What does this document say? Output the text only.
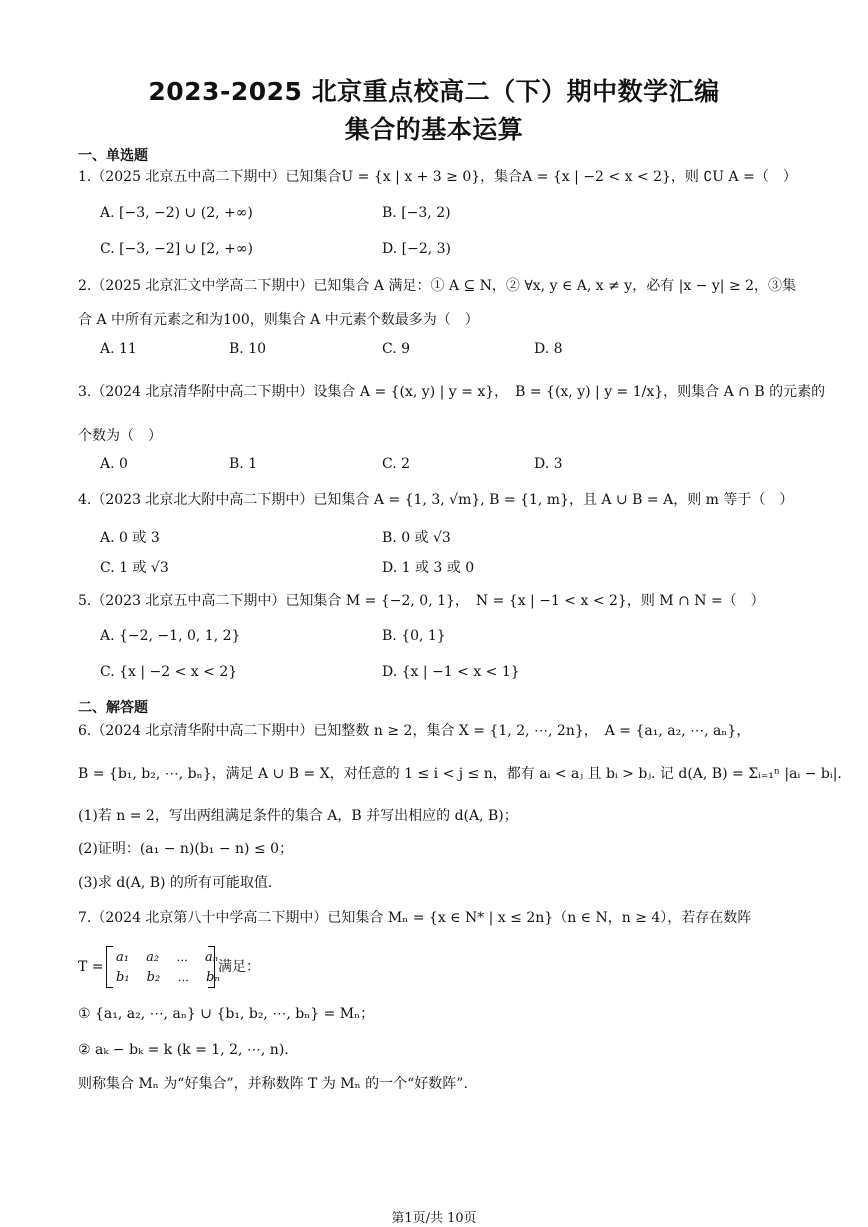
2023-2025 北京重点校高二（下）期中数学汇编
集合的基本运算
一、单选题
1.（2025 北京五中高二下期中）已知集合U = {x | x + 3 ≥ 0}，集合A = {x | −2 < x < 2}，则 ∁U A =（　）
A. [−3, −2) ∪ (2, +∞)	B. [−3, 2)
C. [−3, −2] ∪ [2, +∞)	D. [−2, 3)
2.（2025 北京汇文中学高二下期中）已知集合 A 满足：① A ⊆ N，② ∀x, y ∈ A, x ≠ y，必有 |x − y| ≥ 2，③集
合 A 中所有元素之和为100，则集合 A 中元素个数最多为（　）
A. 11	B. 10	C. 9	D. 8
3.（2024 北京清华附中高二下期中）设集合 A = {(x, y) | y = x}，　B = {(x, y) | y = 1/x}，则集合 A ∩ B 的元素的
个数为（　）
A. 0	B. 1	C. 2	D. 3
4.（2023 北京北大附中高二下期中）已知集合 A = {1, 3, √m}, B = {1, m}，且 A ∪ B = A，则 m 等于（　）
A. 0 或 3	B. 0 或 √3
C. 1 或 √3	D. 1 或 3 或 0
5.（2023 北京五中高二下期中）已知集合 M = {−2, 0, 1}，　N = {x | −1 < x < 2}，则 M ∩ N =（　）
A. {−2, −1, 0, 1, 2}	B. {0, 1}
C. {x | −2 < x < 2}	D. {x | −1 < x < 1}
二、解答题
6.（2024 北京清华附中高二下期中）已知整数 n ≥ 2，集合 X = {1, 2, ⋯, 2n}，　A = {a₁, a₂, ⋯, aₙ}，
B = {b₁, b₂, ⋯, bₙ}，满足 A ∪ B = X，对任意的 1 ≤ i < j ≤ n，都有 aᵢ < aⱼ 且 bᵢ > bⱼ. 记 d(A, B) = Σᵢ₌₁ⁿ |aᵢ − bᵢ|.
(1)若 n = 2，写出两组满足条件的集合 A，B 并写出相应的 d(A, B)；
(2)证明：(a₁ − n)(b₁ − n) ≤ 0；
(3)求 d(A, B) 的所有可能取值.
7.（2024 北京第八十中学高二下期中）已知集合 Mₙ = {x ∈ N* | x ≤ 2n}（n ∈ N，n ≥ 4），若存在数阵
T =
a₁　 a₂　 ⋯　 aₙ
b₁　 b₂　 ⋯　 bₙ
满足：
① {a₁, a₂, ⋯, aₙ} ∪ {b₁, b₂, ⋯, bₙ} = Mₙ；
② aₖ − bₖ = k (k = 1, 2, ⋯, n).
则称集合 Mₙ 为“好集合”，并称数阵 T 为 Mₙ 的一个“好数阵”.
第1页/共 10页
